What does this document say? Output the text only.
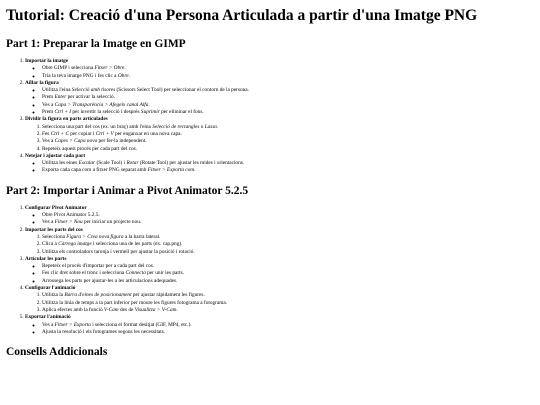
Tutorial: Creació d'una Persona Articulada a partir d'una Imatge PNG
Part 1: Preparar la Imatge en GIMP
1. Importar la imatge
◦ Obre GIMP i selecciona Fitxer > Obre.
◦ Tria la teva imatge PNG i fes clic a Obre.
2. Aïllar la figura
◦ Utilitza l'eina Selecció amb tisores (Scissors Select Tool) per seleccionar el contorn de la persona.
◦ Prem Enter per activar la selecció.
◦ Ves a Capa > Transparència > Afegeix canal Alfa.
◦ Prem Ctrl + I per invertir la selecció i després Suprimir per eliminar el fons.
3. Dividir la figura en parts articulades
1. Selecciona una part del cos (ex. un braç) amb l'eina Selecció de rectangles o Lasso.
2. Fes Ctrl + C per copiar i Ctrl + V per enganxar en una nova capa.
3. Ves a Capes > Capa nova per fer-la independent.
4. Repeteix aquest procés per cada part del cos.
4. Netejar i ajustar cada part
◦ Utilitza les eines Escalar (Scale Tool) i Rotar (Rotate Tool) per ajustar les mides i orientacions.
◦ Exporta cada capa com a fitxer PNG separat amb Fitxer > Exporta com.
Part 2: Importar i Animar a Pivot Animator 5.2.5
1. Configurar Pivot Animator
◦ Obre Pivot Animator 5.2.5.
◦ Ves a Fitxer > Nou per iniciar un projecte nou.
2. Importar les parts del cos
1. Selecciona Figura > Crea nova figura a la barra lateral.
2. Clica a Càrrega imatge i selecciona una de les parts (ex. cap.png).
3. Utilitza els controladors taronja i vermell per ajustar la posició i rotació.
3. Articular les parts
◦ Repeteix el procés d'importar per a cada part del cos.
◦ Fes clic dret sobre el tronc i selecciona Connecta per unir les parts.
◦ Arrossega les parts per ajustar-les a les articulacions adequades.
4. Configurar l'animació
1. Utilitza la Barra d'eines de posicionament per ajustar ràpidament les figures.
2. Utilitza la línia de temps a la part inferior per moure les figures fotograma a fotograma.
3. Aplica efectes amb la funció V-Cam des de Visualitza > V-Cam.
5. Exportar l'animació
◦ Ves a Fitxer > Exporta i selecciona el format desitjat (GIF, MP4, etc.).
◦ Ajusta la resolució i els fotogrames segons les necessitats.
Consells Addicionals
